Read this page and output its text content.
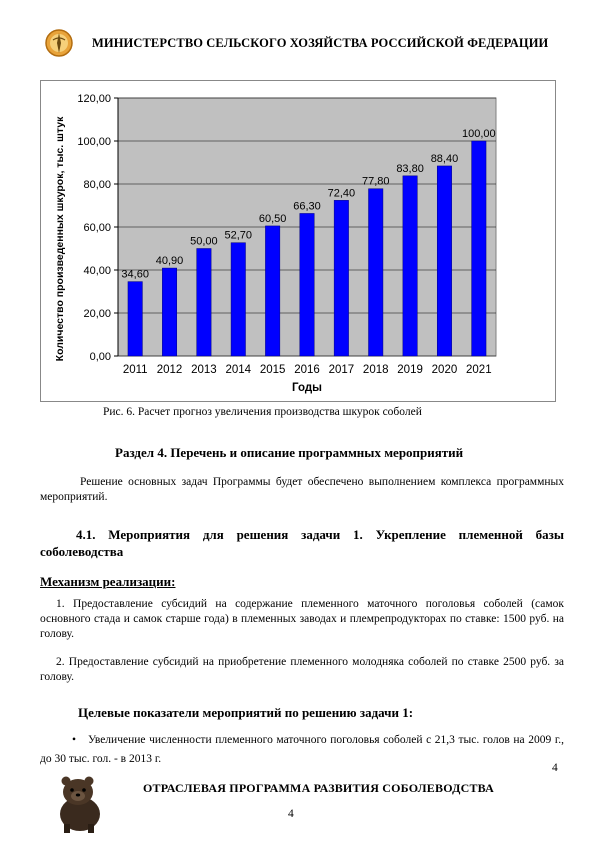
МИНИСТЕРСТВО СЕЛЬСКОГО ХОЗЯЙСТВА РОССИЙСКОЙ ФЕДЕРАЦИИ
0,00
20,00
40,00
60,00
80,00
100,00
120,00
34,60
2011
40,90
2012
50,00
2013
52,70
2014
60,50
2015
66,30
2016
72,40
2017
77,80
2018
83,80
2019
88,40
2020
100,00
2021
Годы
Количество произведенных шкурок, тыс. штук
Рис. 6. Расчет прогноз увеличения производства шкурок соболей
Раздел 4. Перечень и описание программных мероприятий
Решение основных задач Программы будет обеспечено выполнением комплекса программных мероприятий.
4.1. Мероприятия для решения задачи 1. Укрепление племенной базы соболеводства
Механизм реализации:
1. Предоставление субсидий на содержание племенного маточного поголовья соболей (самок основного стада и самок старше года) в племенных заводах и племрепродукторах по ставке: 1500 руб. на голову.
2. Предоставление субсидий на приобретение племенного молодняка соболей по ставке 2500 руб. за голову.
Целевые показатели мероприятий по решению задачи 1:
• Увеличение численности племенного маточного поголовья соболей с 21,3 тыс. голов на 2009 г., до 30 тыс. гол. - в 2013 г.
4
ОТРАСЛЕВАЯ ПРОГРАММА РАЗВИТИЯ СОБОЛЕВОДСТВА
4
